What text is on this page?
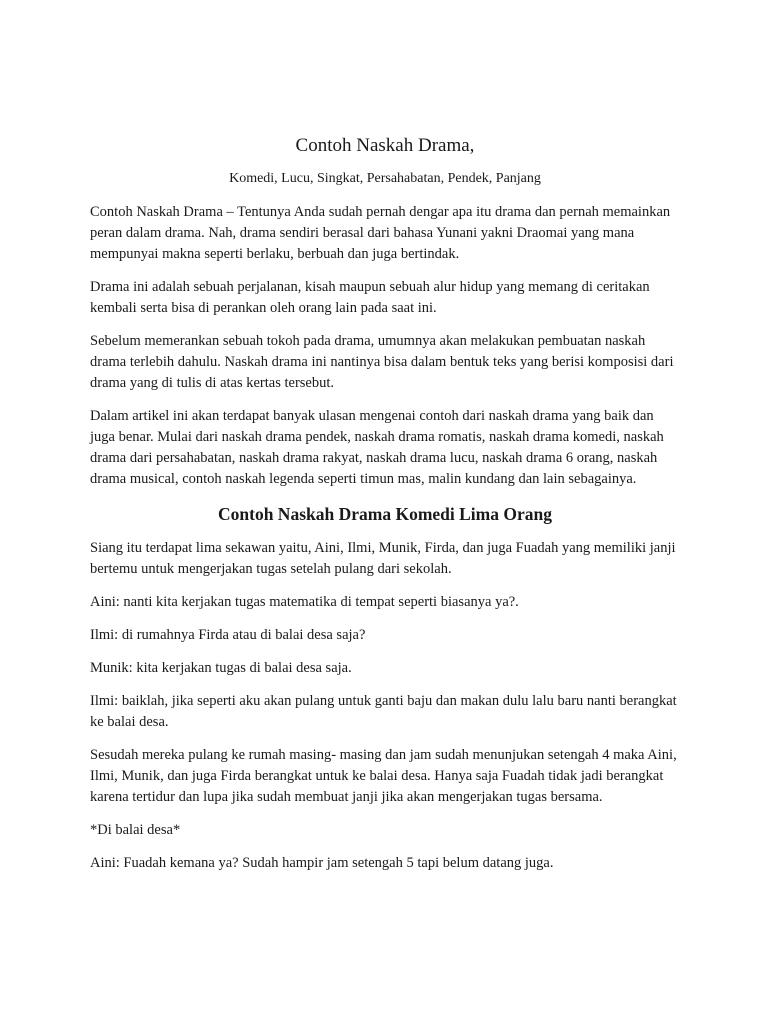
Contoh Naskah Drama,
Komedi, Lucu, Singkat, Persahabatan, Pendek, Panjang

Contoh Naskah Drama – Tentunya Anda sudah pernah dengar apa itu drama dan pernah memainkan peran dalam drama. Nah, drama sendiri berasal dari bahasa Yunani yakni Draomai yang mana mempunyai makna seperti berlaku, berbuah dan juga bertindak.

Drama ini adalah sebuah perjalanan, kisah maupun sebuah alur hidup yang memang di ceritakan kembali serta bisa di perankan oleh orang lain pada saat ini.

Sebelum memerankan sebuah tokoh pada drama, umumnya akan melakukan pembuatan naskah drama terlebih dahulu. Naskah drama ini nantinya bisa dalam bentuk teks yang berisi komposisi dari drama yang di tulis di atas kertas tersebut.

Dalam artikel ini akan terdapat banyak ulasan mengenai contoh dari naskah drama yang baik dan juga benar. Mulai dari naskah drama pendek, naskah drama romatis, naskah drama komedi, naskah drama dari persahabatan, naskah drama rakyat, naskah drama lucu, naskah drama 6 orang, naskah drama musical, contoh naskah legenda seperti timun mas, malin kundang dan lain sebagainya.

Contoh Naskah Drama Komedi Lima Orang

Siang itu terdapat lima sekawan yaitu, Aini, Ilmi, Munik, Firda, dan juga Fuadah yang memiliki janji bertemu untuk mengerjakan tugas setelah pulang dari sekolah.

Aini: nanti kita kerjakan tugas matematika di tempat seperti biasanya ya?.

Ilmi: di rumahnya Firda atau di balai desa saja?

Munik: kita kerjakan tugas di balai desa saja.

Ilmi: baiklah, jika seperti aku akan pulang untuk ganti baju dan makan dulu lalu baru nanti berangkat ke balai desa.

Sesudah mereka pulang ke rumah masing- masing dan jam sudah menunjukan setengah 4 maka Aini, Ilmi, Munik, dan juga Firda berangkat untuk ke balai desa. Hanya saja Fuadah tidak jadi berangkat karena tertidur dan lupa jika sudah membuat janji jika akan mengerjakan tugas bersama.

*Di balai desa*

Aini: Fuadah kemana ya? Sudah hampir jam setengah 5 tapi belum datang juga.
